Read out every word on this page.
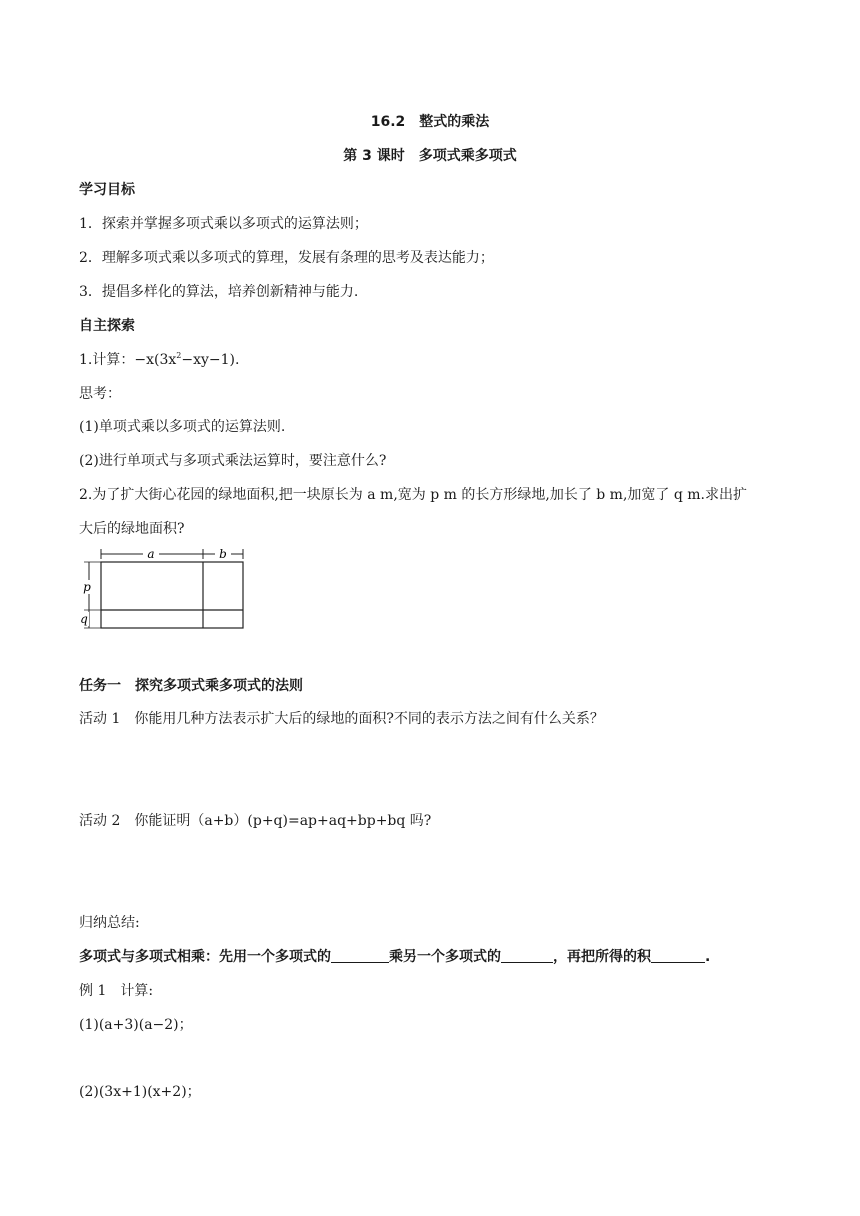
16.2　整式的乘法
第 3 课时　多项式乘多项式
学习目标
1．探索并掌握多项式乘以多项式的运算法则；
2．理解多项式乘以多项式的算理，发展有条理的思考及表达能力；
3．提倡多样化的算法，培养创新精神与能力.
自主探索
1.计算：$-x(3x^2-xy-1)$.
思考：
(1)单项式乘以多项式的运算法则.
(2)进行单项式与多项式乘法运算时，要注意什么?
2.为了扩大街心花园的绿地面积,把一块原长为 a m,宽为 p m 的长方形绿地,加长了 b m,加宽了 q m.求出扩
大后的绿地面积?
a	b
p
q
任务一　探究多项式乘多项式的法则
活动 1　你能用几种方法表示扩大后的绿地的面积?不同的表示方法之间有什么关系？
活动 2　你能证明（a+b）(p+q)=ap+aq+bp+bq 吗?
归纳总结:
多项式与多项式相乘：先用一个多项式的	乘另一个多项式的	，再把所得的积	.
例 1　计算:
(1)(a+3)(a−2)；
(2)(3x+1)(x+2)；
